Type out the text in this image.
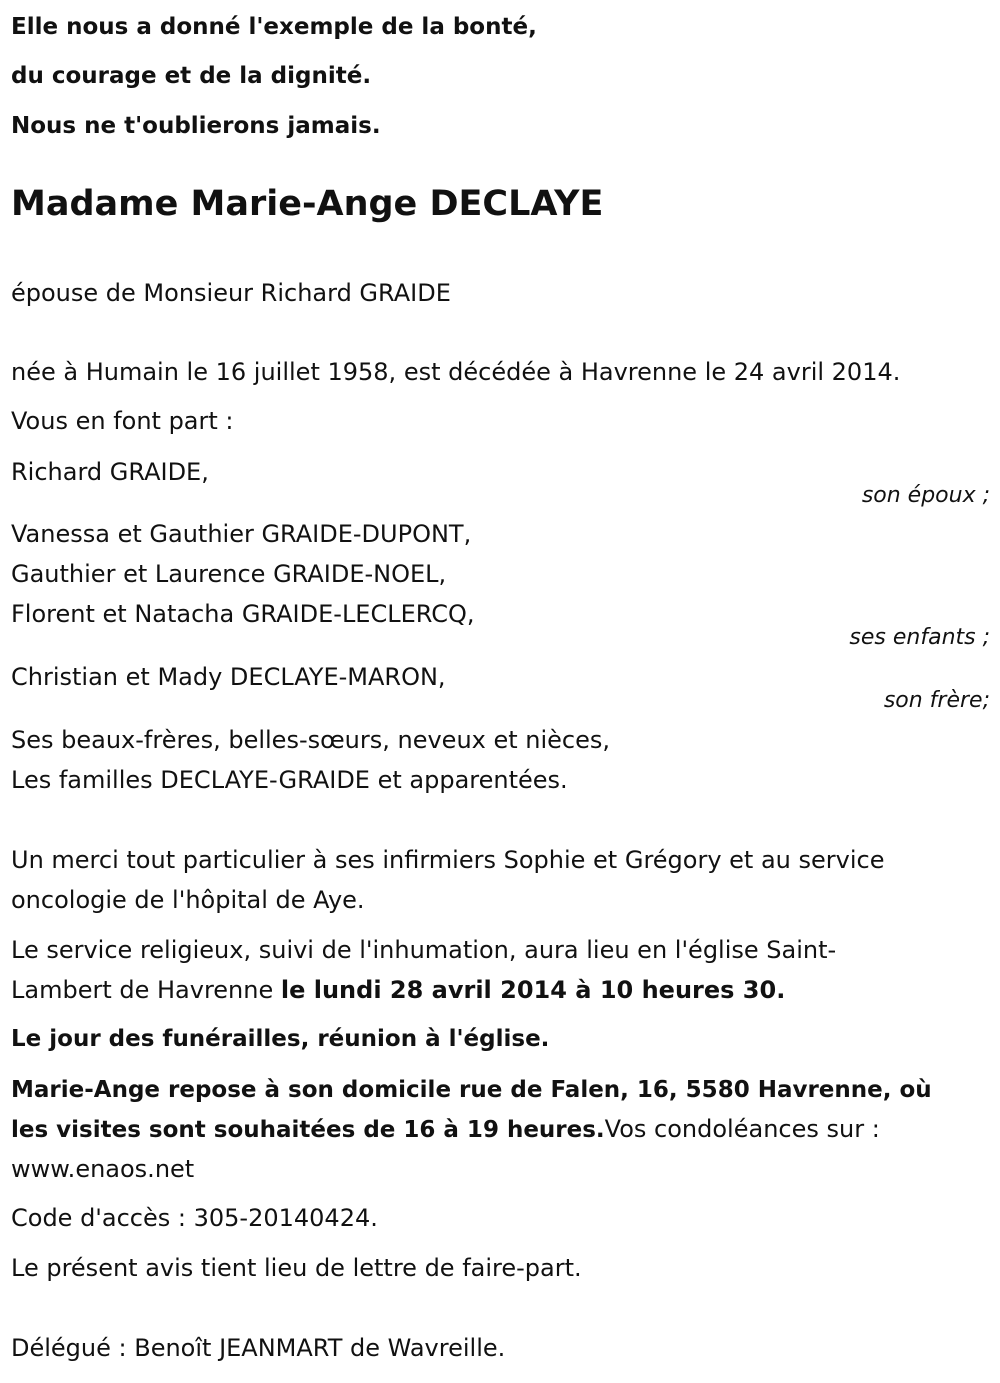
Elle nous a donné l'exemple de la bonté,
du courage et de la dignité.
Nous ne t'oublierons jamais.
Madame Marie-Ange DECLAYE
épouse de Monsieur Richard GRAIDE
née à Humain le 16 juillet 1958, est décédée à Havrenne le 24 avril 2014.
Vous en font part :
Richard GRAIDE,
son époux ;
Vanessa et Gauthier GRAIDE-DUPONT,
Gauthier et Laurence GRAIDE-NOEL,
Florent et Natacha GRAIDE-LECLERCQ,
ses enfants ;
Christian et Mady DECLAYE-MARON,
son frère;
Ses beaux-frères, belles-sœurs, neveux et nièces,
Les familles DECLAYE-GRAIDE et apparentées.
Un merci tout particulier à ses infirmiers Sophie et Grégory et au service
oncologie de l'hôpital de Aye.
Le service religieux, suivi de l'inhumation, aura lieu en l'église Saint-
Lambert de Havrenne le lundi 28 avril 2014 à 10 heures 30.
Le jour des funérailles, réunion à l'église.
Marie-Ange repose à son domicile rue de Falen, 16, 5580 Havrenne, où
les visites sont souhaitées de 16 à 19 heures.Vos condoléances sur :
www.enaos.net
Code d'accès : 305-20140424.
Le présent avis tient lieu de lettre de faire-part.
Délégué : Benoît JEANMART de Wavreille.
